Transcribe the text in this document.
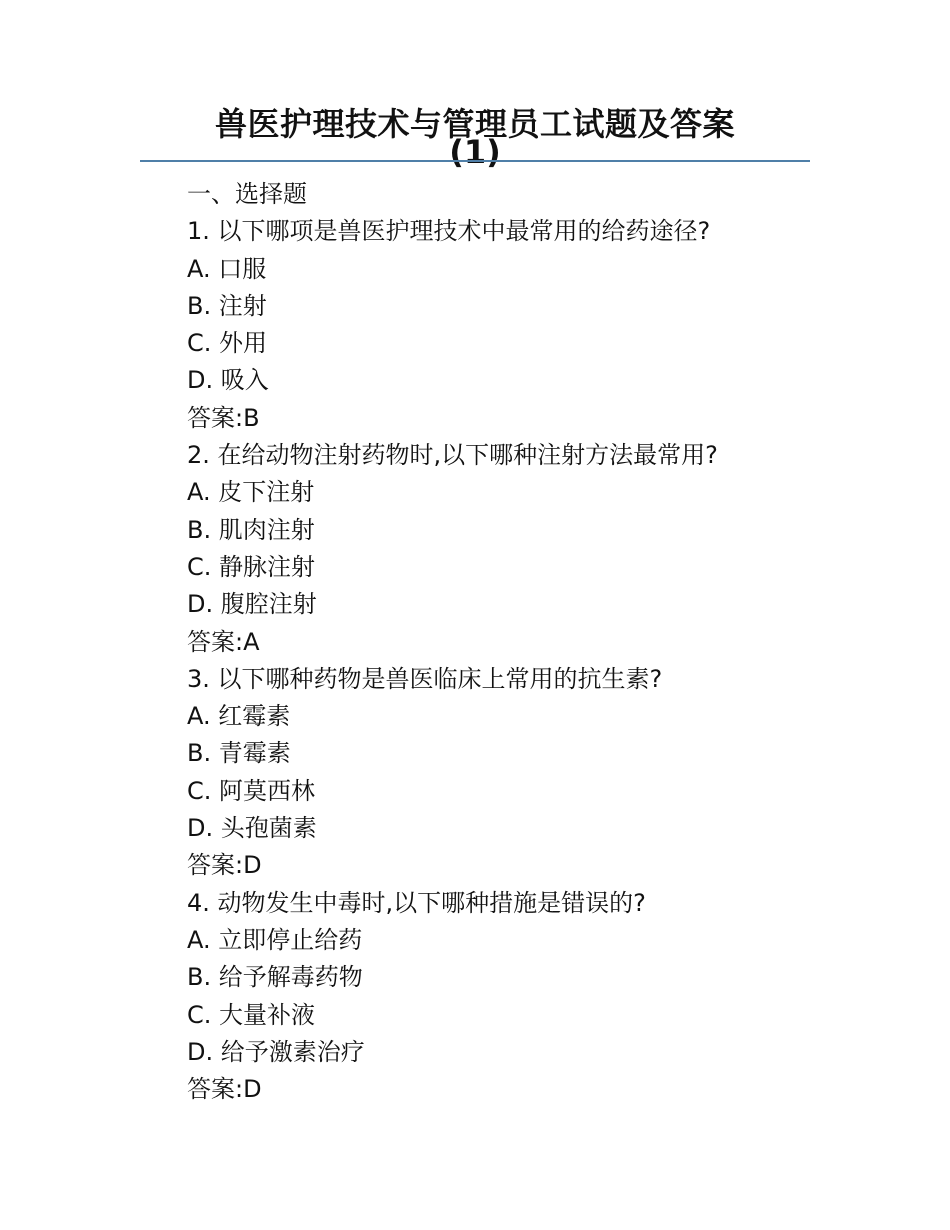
兽医护理技术与管理员工试题及答案
(1)
一、选择题
1. 以下哪项是兽医护理技术中最常用的给药途径?
A. 口服
B. 注射
C. 外用
D. 吸入
答案:B
2. 在给动物注射药物时,以下哪种注射方法最常用?
A. 皮下注射
B. 肌肉注射
C. 静脉注射
D. 腹腔注射
答案:A
3. 以下哪种药物是兽医临床上常用的抗生素?
A. 红霉素
B. 青霉素
C. 阿莫西林
D. 头孢菌素
答案:D
4. 动物发生中毒时,以下哪种措施是错误的?
A. 立即停止给药
B. 给予解毒药物
C. 大量补液
D. 给予激素治疗
答案:D
